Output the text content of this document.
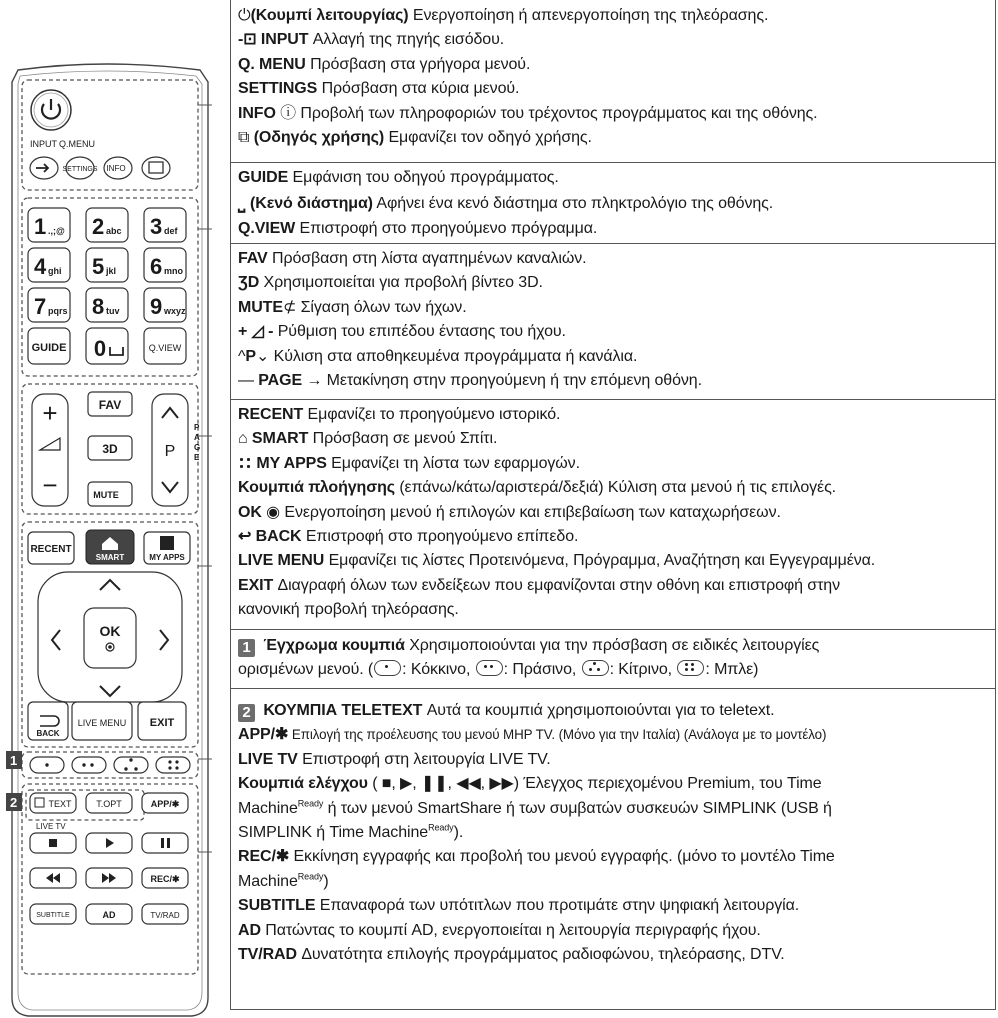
INPUT Q.MENU
SETTINGS INFO
1 .,;@ 2 abc 3 def
4 ghi 5 jkl 6 mno
7 pqrs 8 tuv 9 wxyz
GUIDE 0	Q.VIEW
+
−
FAV
3D
MUTE
P
P
A
G
E
RECENT
SMART	MY APPS
OK
BACK
LIVE MENU EXIT
1
2	TEXT	T.OPT	APP/✱
LIVE TV
REC/✱
SUBTITLE	AD	TV/RAD
⏻(Κουμπί λειτουργίας) Ενεργοποίηση ή απενεργοποίηση της τηλεόρασης.
-⊡ INPUT Αλλαγή της πηγής εισόδου.
Q. MENU Πρόσβαση στα γρήγορα μενού.
SETTINGS Πρόσβαση στα κύρια μενού.
INFO ⓘ Προβολή των πληροφοριών του τρέχοντος προγράμματος και της οθόνης.
⧉ (Οδηγός χρήσης) Εμφανίζει τον οδηγό χρήσης.
GUIDE Εμφάνιση του οδηγού προγράμματος.
⎵ (Κενό διάστημα) Αφήνει ένα κενό διάστημα στο πληκτρολόγιο της οθόνης.
Q.VIEW Επιστροφή στο προηγούμενο πρόγραμμα.
FAV Πρόσβαση στη λίστα αγαπημένων καναλιών.
ƷD Χρησιμοποιείται για προβολή βίντεο 3D.
MUTE⊄ Σίγαση όλων των ήχων.
+ ◿ - Ρύθμιση του επιπέδου έντασης του ήχου.
^P⌄ Κύλιση στα αποθηκευμένα προγράμματα ή κανάλια.
— PAGE → Μετακίνηση στην προηγούμενη ή την επόμενη οθόνη.
RECENT Εμφανίζει το προηγούμενο ιστορικό.
⌂ SMART Πρόσβαση σε μενού Σπίτι.
MY APPS Εμφανίζει τη λίστα των εφαρμογών.
Κουμπιά πλοήγησης (επάνω/κάτω/αριστερά/δεξιά) Κύλιση στα μενού ή τις επιλογές.
OK ◉ Ενεργοποίηση μενού ή επιλογών και επιβεβαίωση των καταχωρήσεων.
↩ BACK Επιστροφή στο προηγούμενο επίπεδο.
LIVE MENU Εμφανίζει τις λίστες Προτεινόμενα, Πρόγραμμα, Αναζήτηση και Εγγεγραμμένα.
EXIT Διαγραφή όλων των ενδείξεων που εμφανίζονται στην οθόνη και επιστροφή στην
κανονική προβολή τηλεόρασης.
1 Έγχρωμα κουμπιά Χρησιμοποιούνται για την πρόσβαση σε ειδικές λειτουργίες
ορισμένων μενού. ( : Κόκκινο,
: Πράσινο,
: Κίτρινο,
: Μπλε)
2 ΚΟΥΜΠΙΑ TELETEXT Αυτά τα κουμπιά χρησιμοποιούνται για το teletext.
APP/✱ Επιλογή της προέλευσης του μενού MHP TV. (Μόνο για την Ιταλία) (Ανάλογα με το μοντέλο)
LIVE TV Επιστροφή στη λειτουργία LIVE TV.
Κουμπιά ελέγχου ( ■, ▶, ❚❚, ◀◀, ▶▶) Έλεγχος περιεχομένου Premium, του Time
Machine$^{Ready}$ ή των μενού SmartShare ή των συμβατών συσκευών SIMPLINK (USB ή
SIMPLINK ή Time Machine$^{Ready}$).
REC/✱ Εκκίνηση εγγραφής και προβολή του μενού εγγραφής. (μόνο το μοντέλο Time
Machine$^{Ready}$)
SUBTITLE Επαναφορά των υπότιτλων που προτιμάτε στην ψηφιακή λειτουργία.
AD Πατώντας το κουμπί AD, ενεργοποιείται η λειτουργία περιγραφής ήχου.
TV/RAD Δυνατότητα επιλογής προγράμματος ραδιοφώνου, τηλεόρασης, DTV.
